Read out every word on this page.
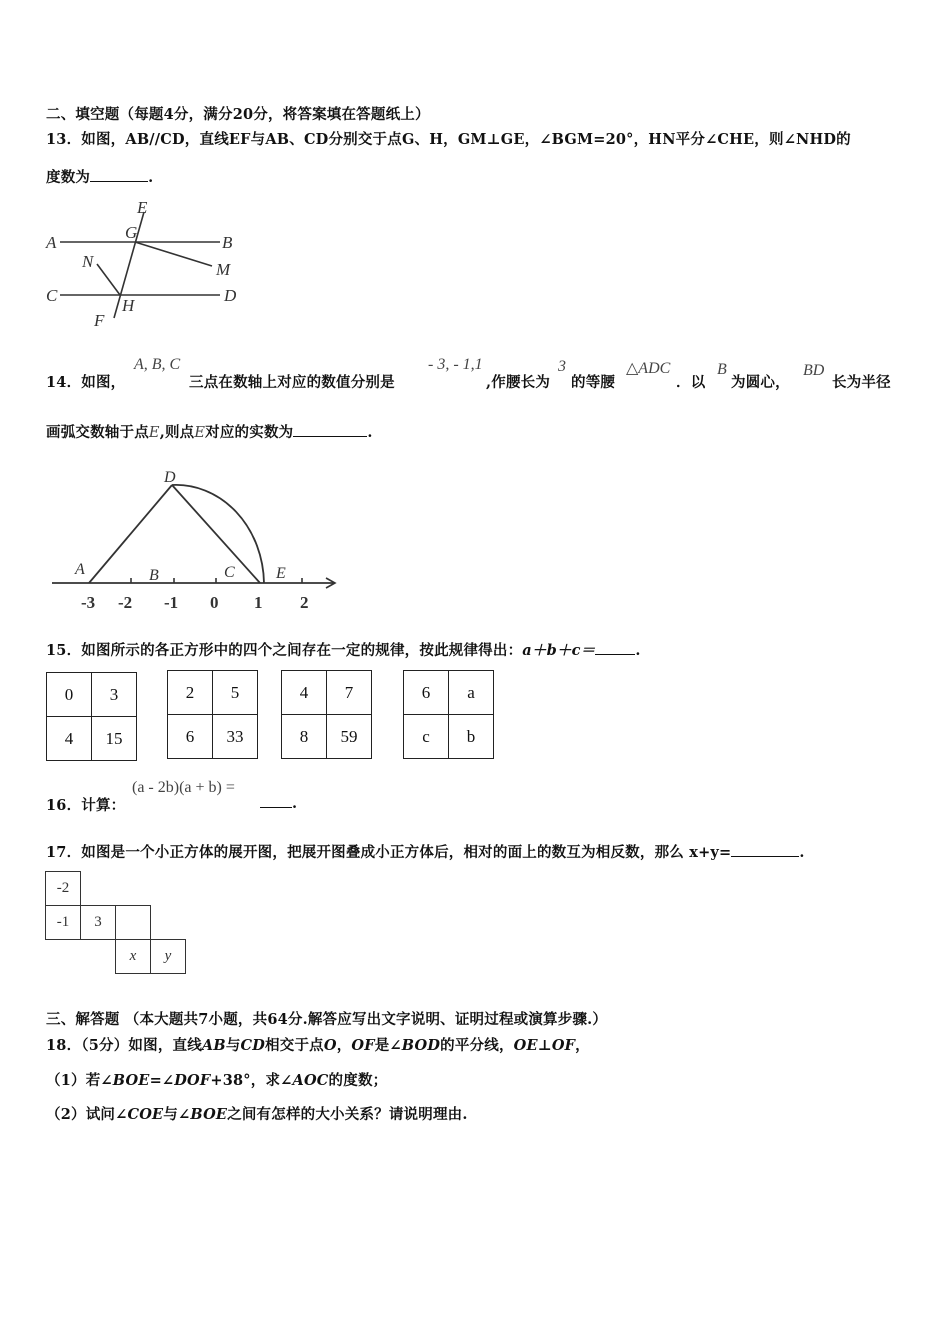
二、填空题（每题4分，满分20分，将答案填在答题纸上）
13．如图，AB//CD，直线EF与AB、CD分别交于点G、H，GM⊥GE，∠BGM=20°，HN平分∠CHE，则∠NHD的
度数为	.
E
G
A	B
N	M
C
H
D
F
14．如图，
A, B, C
三点在数轴上对应的数值分别是
- 3, - 1,1
,作腰长为
3
的等腰
△ADC
．以
B
为圆心，
BD
长为半径
画弧交数轴于点E,则点E对应的实数为	.
D
A	B	C	E
-3 -2 -1 0 1 2
15．如图所示的各正方形中的四个之间存在一定的规律，按此规律得出：a＋b＋c＝	.
0	3
4	15
2	5
6	33
4	7
8	59
6	a
c	b
16．计算：
(a - 2b)(a + b) =
.
17．如图是一个小正方体的展开图，把展开图叠成小正方体后，相对的面上的数互为相反数，那么 x+y=	.
-2			
-1	3		
		x	y
三、解答题 （本大题共7小题，共64分.解答应写出文字说明、证明过程或演算步骤.）
18．（5分）如图，直线AB与CD相交于点O，OF是∠BOD的平分线，OE⊥OF，
（1）若∠BOE=∠DOF+38°，求∠AOC的度数；
（2）试问∠COE与∠BOE之间有怎样的大小关系？请说明理由.
